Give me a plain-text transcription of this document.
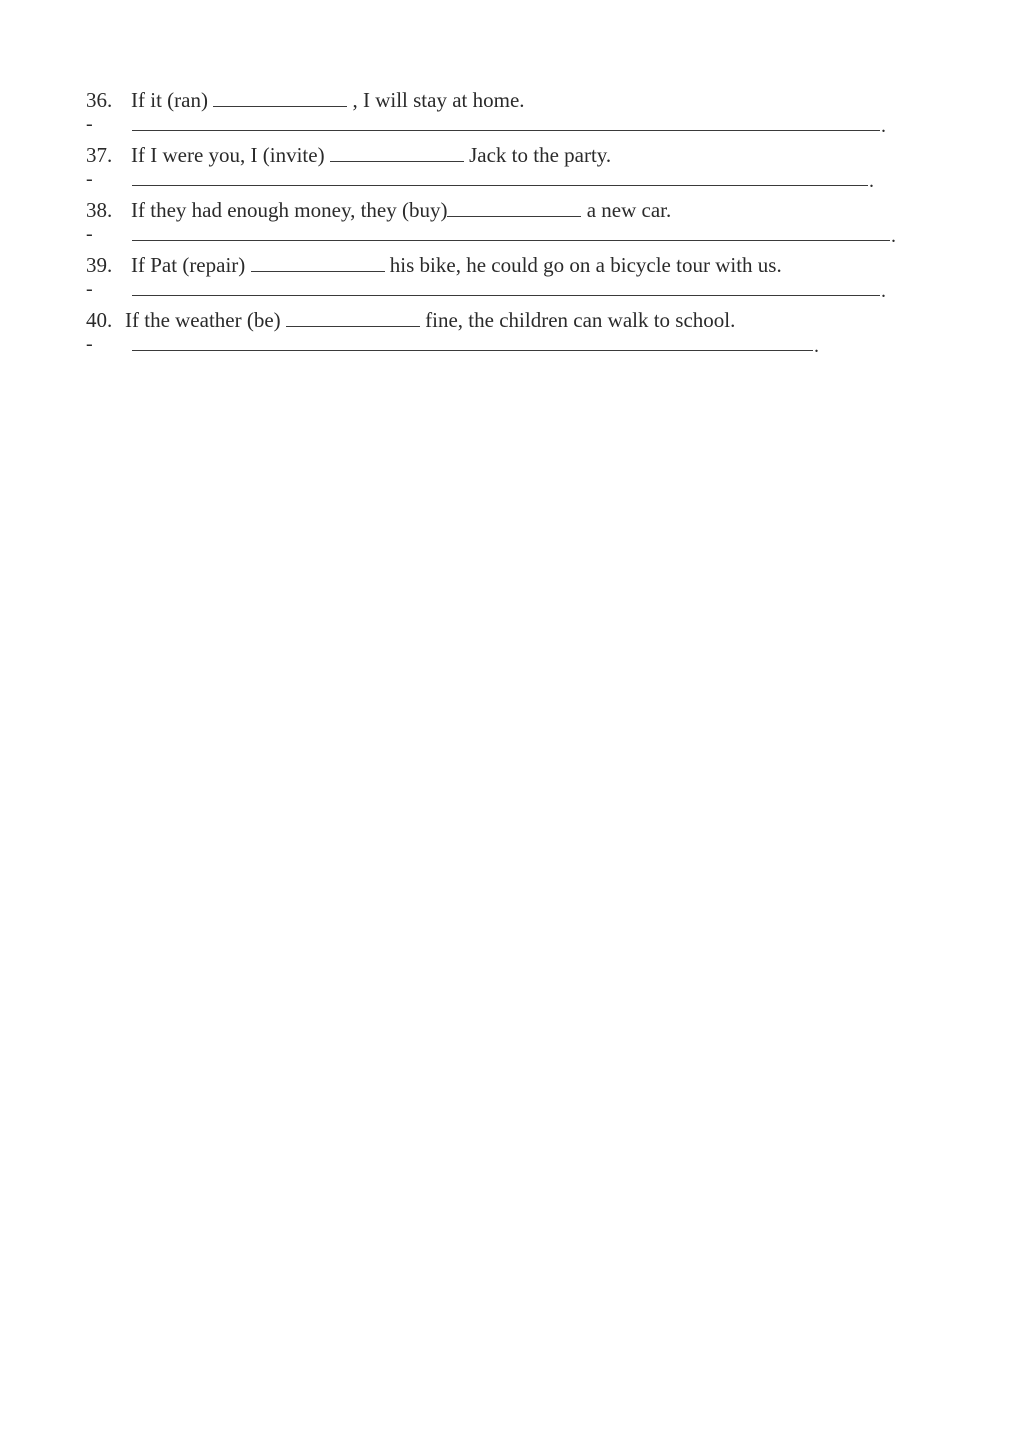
36. If it (ran)	, I will stay at home.
-	.
37. If I were you, I (invite)	Jack to the party.
-	.
38. If they had enough money, they (buy)	a new car.
-	.
39. If Pat (repair)	his bike, he could go on a bicycle tour with us.
-	.
40. If the weather (be)	fine, the children can walk to school.
-	.
